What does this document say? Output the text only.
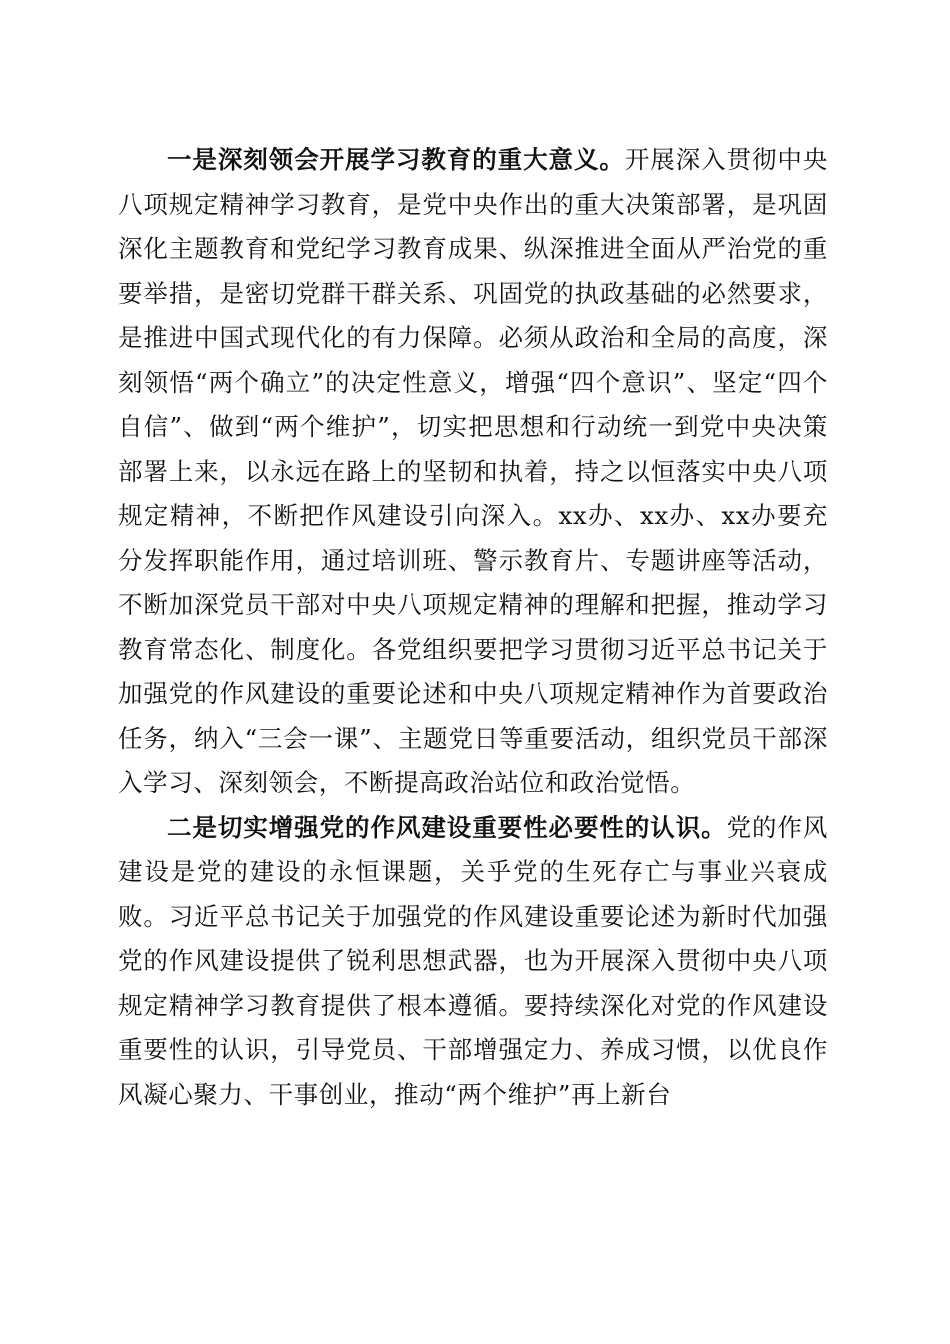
一是深刻领会开展学习教育的重大意义。开展深入贯彻中央八项规定精神学习教育，是党中央作出的重大决策部署，是巩固深化主题教育和党纪学习教育成果、纵深推进全面从严治党的重要举措，是密切党群干群关系、巩固党的执政基础的必然要求，是推进中国式现代化的有力保障。必须从政治和全局的高度，深刻领悟“两个确立”的决定性意义，增强“四个意识”、坚定“四个自信”、做到“两个维护”，切实把思想和行动统一到党中央决策部署上来，以永远在路上的坚韧和执着，持之以恒落实中央八项规定精神，不断把作风建设引向深入。xx办、xx办、xx办要充分发挥职能作用，通过培训班、警示教育片、专题讲座等活动，不断加深党员干部对中央八项规定精神的理解和把握，推动学习教育常态化、制度化。各党组织要把学习贯彻习近平总书记关于加强党的作风建设的重要论述和中央八项规定精神作为首要政治任务，纳入“三会一课”、主题党日等重要活动，组织党员干部深入学习、深刻领会，不断提高政治站位和政治觉悟。

二是切实增强党的作风建设重要性必要性的认识。党的作风建设是党的建设的永恒课题，关乎党的生死存亡与事业兴衰成败。习近平总书记关于加强党的作风建设重要论述为新时代加强党的作风建设提供了锐利思想武器，也为开展深入贯彻中央八项规定精神学习教育提供了根本遵循。要持续深化对党的作风建设重要性的认识，引导党员、干部增强定力、养成习惯，以优良作风凝心聚力、干事创业，推动“两个维护”再上新台
